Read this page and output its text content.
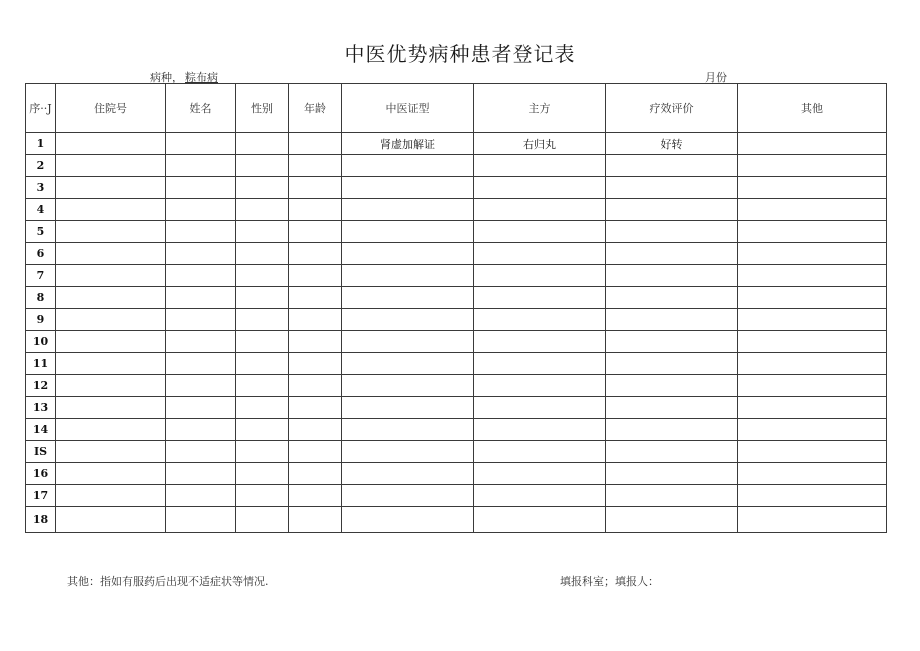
中医优势病种患者登记表
病种， 粽布病	月份
序··J	住院号	姓名	性别	年龄	中医证型	主方	疗效评价	其他
1					肾虚加解证	右归丸	好转	
2								
3								
4								
5								
6								
7								
8								
9								
10								
11								
12								
13								
14								
IS								
16								
17								
18								
其他：指如有服药后出现不适症状等情况.	填报科室；填报人：
